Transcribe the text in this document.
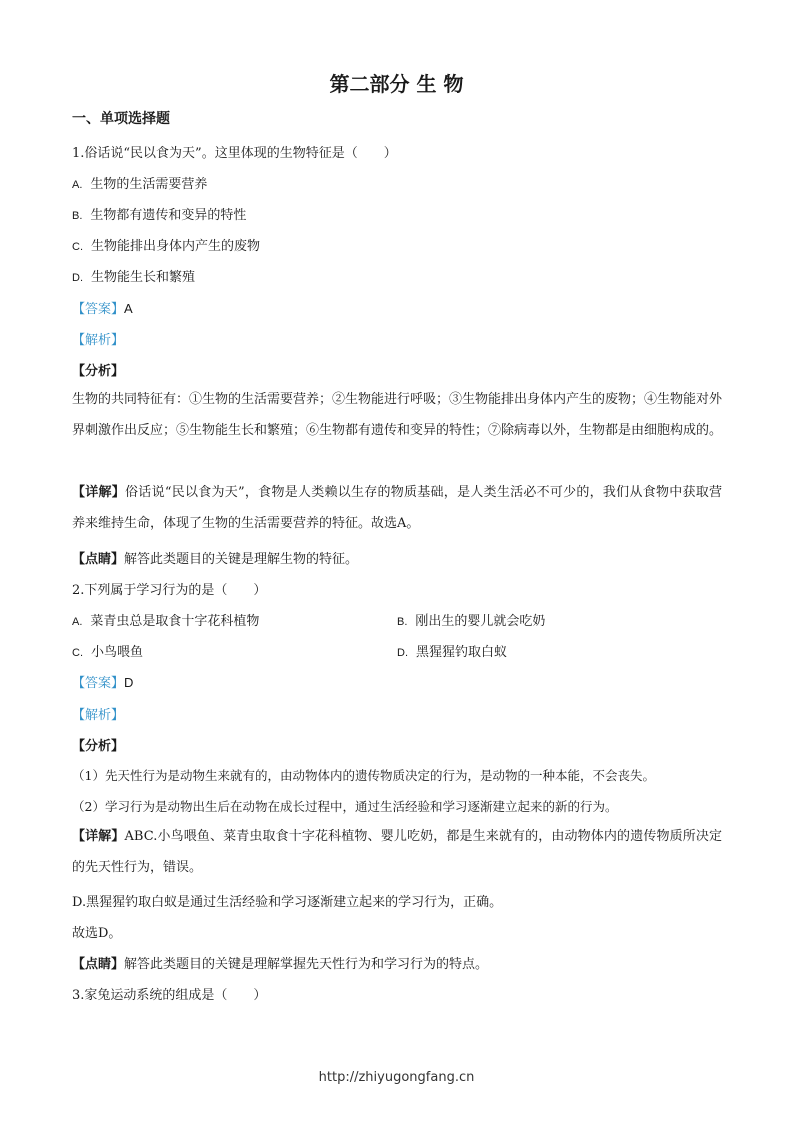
第二部分 生 物
一、单项选择题
1.俗话说“民以食为天”。这里体现的生物特征是（　　）
A. 生物的生活需要营养
B. 生物都有遗传和变异的特性
C. 生物能排出身体内产生的废物
D. 生物能生长和繁殖
【答案】A
【解析】
【分析】
生物的共同特征有：①生物的生活需要营养；②生物能进行呼吸；③生物能排出身体内产生的废物；④生物能对外界刺激作出反应；⑤生物能生长和繁殖；⑥生物都有遗传和变异的特性；⑦除病毒以外，生物都是由细胞构成的。
【详解】俗话说“民以食为天”，食物是人类赖以生存的物质基础，是人类生活必不可少的，我们从食物中获取营养来维持生命，体现了生物的生活需要营养的特征。故选A。
【点睛】解答此类题目的关键是理解生物的特征。
2.下列属于学习行为的是（　　）
A. 菜青虫总是取食十字花科植物	B. 刚出生的婴儿就会吃奶
C. 小鸟喂鱼	D. 黑猩猩钓取白蚁
【答案】D
【解析】
【分析】
（1）先天性行为是动物生来就有的，由动物体内的遗传物质决定的行为，是动物的一种本能，不会丧失。
（2）学习行为是动物出生后在动物在成长过程中，通过生活经验和学习逐渐建立起来的新的行为。
【详解】ABC.小鸟喂鱼、菜青虫取食十字花科植物、婴儿吃奶，都是生来就有的，由动物体内的遗传物质所决定的先天性行为，错误。
D.黑猩猩钓取白蚁是通过生活经验和学习逐渐建立起来的学习行为，正确。
故选D。
【点睛】解答此类题目的关键是理解掌握先天性行为和学习行为的特点。
3.家兔运动系统的组成是（　　）
http://zhiyugongfang.cn
